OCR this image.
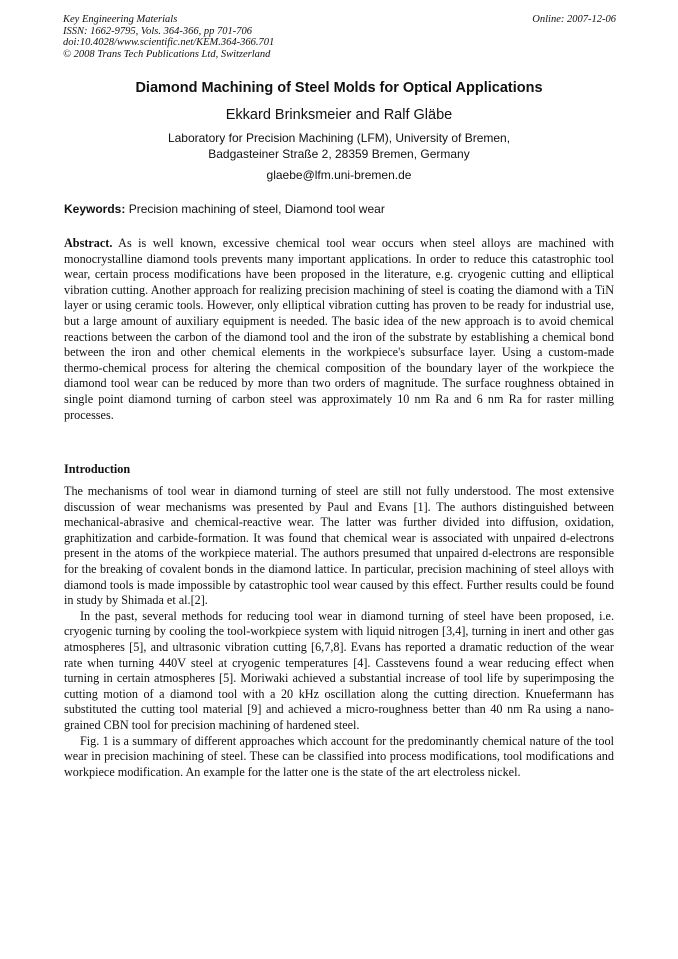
Key Engineering Materials
ISSN: 1662-9795, Vols. 364-366, pp 701-706
doi:10.4028/www.scientific.net/KEM.364-366.701
© 2008 Trans Tech Publications Ltd, Switzerland
Online: 2007-12-06
Diamond Machining of Steel Molds for Optical Applications
Ekkard Brinksmeier and Ralf Gläbe
Laboratory for Precision Machining (LFM), University of Bremen,
Badgasteiner Straße 2, 28359 Bremen, Germany
glaebe@lfm.uni-bremen.de
Keywords: Precision machining of steel, Diamond tool wear

Abstract. As is well known, excessive chemical tool wear occurs when steel alloys are machined with monocrystalline diamond tools prevents many important applications. In order to reduce this catastrophic tool wear, certain process modifications have been proposed in the literature, e.g. cryogenic cutting and elliptical vibration cutting. Another approach for realizing precision machining of steel is coating the diamond with a TiN layer or using ceramic tools. However, only elliptical vibration cutting has proven to be ready for industrial use, but a large amount of auxiliary equipment is needed. The basic idea of the new approach is to avoid chemical reactions between the carbon of the diamond tool and the iron of the substrate by establishing a chemical bond between the iron and other chemical elements in the workpiece's subsurface layer. Using a custom-made thermo-chemical process for altering the chemical composition of the boundary layer of the workpiece the diamond tool wear can be reduced by more than two orders of magnitude. The surface roughness obtained in single point diamond turning of carbon steel was approximately 10 nm Ra and 6 nm Ra for raster milling processes.

Introduction

The mechanisms of tool wear in diamond turning of steel are still not fully understood. The most extensive discussion of wear mechanisms was presented by Paul and Evans [1]. The authors distinguished between mechanical-abrasive and chemical-reactive wear. The latter was further divided into diffusion, oxidation, graphitization and carbide-formation. It was found that chemical wear is associated with unpaired d-electrons present in the atoms of the workpiece material. The authors presumed that unpaired d-electrons are responsible for the breaking of covalent bonds in the diamond lattice. In particular, precision machining of steel alloys with diamond tools is made impossible by catastrophic tool wear caused by this effect. Further results could be found in study by Shimada et al.[2].

In the past, several methods for reducing tool wear in diamond turning of steel have been proposed, i.e. cryogenic turning by cooling the tool-workpiece system with liquid nitrogen [3,4], turning in inert and other gas atmospheres [5], and ultrasonic vibration cutting [6,7,8]. Evans has reported a dramatic reduction of the wear rate when turning 440V steel at cryogenic temperatures [4]. Casstevens found a wear reducing effect when turning in certain atmospheres [5]. Moriwaki achieved a substantial increase of tool life by superimposing the cutting motion of a diamond tool with a 20 kHz oscillation along the cutting direction. Knuefermann has substituted the cutting tool material [9] and achieved a micro-roughness better than 40 nm Ra using a nano-grained CBN tool for precision machining of hardened steel.

Fig. 1 is a summary of different approaches which account for the predominantly chemical nature of the tool wear in precision machining of steel. These can be classified into process modifications, tool modifications and workpiece modification. An example for the latter one is the state of the art electroless nickel.
